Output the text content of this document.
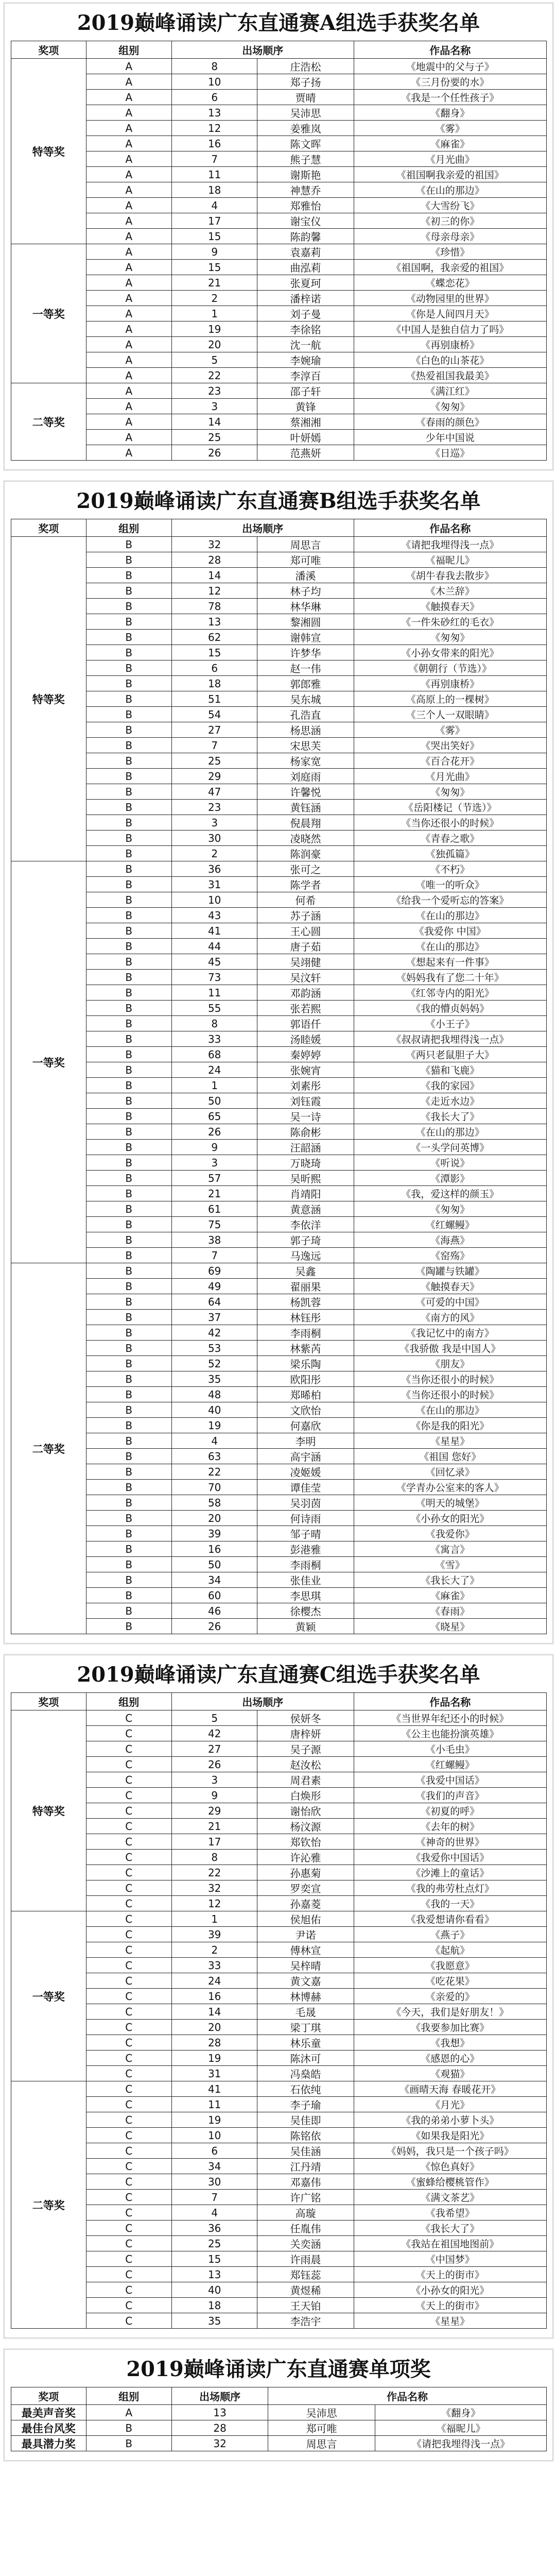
2019巅峰诵读广东直通赛A组选手获奖名单
奖项	组别	出场顺序	作品名称
特等奖
A	8	庄浩松	《地震中的父与子》
A	10	郑子扬	《三月份要的水》
A	6	贾晴	《我是一个任性孩子》
A	13	吴沛思	《翻身》
A	12	姜雅岚	《雾》
A	16	陈文晖	《麻雀》
A	7	熊子慧	《月光曲》
A	11	谢斯艳	《祖国啊我亲爱的祖国》
A	18	神慧乔	《在山的那边》
A	4	郑雅怡	《大雪纷飞》
A	17	谢宝仪	《初三的你》
A	15	陈韵馨	《母亲母亲》
一等奖
A	9	袁嘉莉	《珍惜》
A	15	曲泓莉	《祖国啊，我亲爱的祖国》
A	21	张夏珂	《蝶恋花》
A	2	潘梓诺	《动物园里的世界》
A	1	刘子曼	《你是人间四月天》
A	19	李徐铭	《中国人是独自信力了吗》
A	20	沈一航	《再别康桥》
A	5	李婉瑜	《白色的山茶花》
A	22	李淳百	《热爱祖国我最美》
二等奖
A	23	邵子轩	《满江红》
A	3	黄锋	《匆匆》
A	14	蔡湘湘	《春雨的颜色》
A	25	叶妍嫣	少年中国说
A	26	范燕妍	《日巡》
2019巅峰诵读广东直通赛B组选手获奖名单
奖项	组别	出场顺序	作品名称
特等奖
B	32	周思言	《请把我埋得浅一点》
B	28	郑可唯	《福昵儿》
B	14	潘溪	《胡牛春我去散步》
B	12	林子均	《木兰辞》
B	78	林华琳	《触摸春天》
B	13	黎湘圆	《一件朱砂红的毛衣》
B	62	谢韩宣	《匆匆》
B	15	许梦华	《小孙女带来的阳光》
B	6	赵一伟	《朝朝行（节选）》
B	18	郭郎雅	《再别康桥》
B	51	吴东城	《高原上的一棵树》
B	54	孔浩直	《三个人一双眼睛》
B	27	杨思涵	《雾》
B	7	宋思芙	《哭出笑好》
B	25	杨家宽	《百合花开》
B	29	刘庭雨	《月光曲》
B	47	许馨悦	《匆匆》
B	23	黄钰涵	《岳阳楼记（节选）》
B	3	倪晨翔	《当你还很小的时候》
B	30	凌晓然	《青春之歌》
B	2	陈润豪	《独孤篇》
一等奖
B	36	张可之	《不朽》
B	31	陈学者	《唯一的听众》
B	10	何希	《给我一个爱听忘的答案》
B	43	苏子涵	《在山的那边》
B	41	王心圆	《我爱你 中国》
B	44	唐子茹	《在山的那边》
B	45	吴翊健	《想起来有一件事》
B	73	吴汶轩	《妈妈我有了您二十年》
B	11	邓韵涵	《红邻寺内的阳光》
B	55	张若熙	《我的懵贞妈妈》
B	8	郭语仟	《小王子》
B	33	汤睦媛	《叔叔请把我埋得浅一点》
B	68	秦婷婷	《两只老鼠胆子大》
B	24	张婉宵	《猫和飞鹿》
B	1	刘素彤	《我的家园》
B	50	刘钰霞	《走近水边》
B	65	吴一诗	《我长大了》
B	26	陈俞彬	《在山的那边》
B	9	汪韶涵	《一头学问英博》
B	3	万晓琦	《听说》
B	57	吴昕熙	《潭影》
B	21	肖靖阳	《我，爱这样的颜玉》
B	61	黄意涵	《匆匆》
B	75	李依洋	《红螺鳗》
B	38	郭子琦	《海燕》
B	7	马逸远	《窑殇》
二等奖
B	69	吴鑫	《陶罐与铁罐》
B	49	翟丽果	《触摸春天》
B	64	杨凯蓉	《可爱的中国》
B	37	林钰彤	《南方的风》
B	42	李雨桐	《我记忆中的南方》
B	53	林紫芮	《我骄傲 我是中国人》
B	52	梁乐陶	《朋友》
B	35	欧阳彤	《当你还很小的时候》
B	48	郑晞柏	《当你还很小的时候》
B	40	文欣怡	《在山的那边》
B	19	何嘉欣	《你是我的阳光》
B	4	李明	《星星》
B	63	高宇涵	《祖国 您好》
B	22	凌姬媛	《回忆录》
B	70	谭佳莹	《学青办公室来的客人》
B	58	吴羽茵	《明天的城堡》
B	20	何诗雨	《小孙女的阳光》
B	39	邹子晴	《我爱你》
B	16	彭港雅	《寓言》
B	50	李雨桐	《雪》
B	34	张佳业	《我长大了》
B	60	李思琪	《麻雀》
B	46	徐樱杰	《春雨》
B	26	黄颖	《晓星》
2019巅峰诵读广东直通赛C组选手获奖名单
奖项	组别	出场顺序	作品名称
特等奖
C	5	侯妍冬	《当世界年纪还小的时候》
C	42	唐梓妍	《公主也能扮演英雄》
C	27	吴子源	《小毛虫》
C	26	赵汝松	《红螺鳗》
C	3	周君素	《我爱中国话》
C	9	白焕形	《我们的声音》
C	29	谢怡欣	《初夏的呼》
C	21	杨汶源	《去年的树》
C	17	郑钦怡	《神奇的世界》
C	8	许沁雅	《我爱你中国话》
C	22	孙惠菊	《沙滩上的童话》
C	32	罗奕宣	《我的弗劳杜点灯》
C	12	孙嘉菱	《我的一天》
一等奖
C	1	侯旭佑	《我爱想请你看看》
C	39	尹诺	《燕子》
C	2	傅林宣	《起航》
C	33	吴梓晴	《我愿意》
C	24	黄文嘉	《吃花果》
C	16	林博赫	《亲爱的》
C	14	毛晟	《今天，我们是好朋友！》
C	20	梁丁琪	《我要参加比赛》
C	28	林乐童	《我想》
C	19	陈沐可	《感恩的心》
C	31	冯燊皓	《观猫》
二等奖
C	41	石依纯	《画晴天海 春暖花开》
C	11	李子瑜	《月光》
C	19	吴佳即	《我的弟弟小萝卜头》
C	10	陈铭依	《如果我是阳光》
C	6	吴佳涵	《妈妈，我只是一个孩子吗》
C	34	江丹靖	《惊色真好》
C	30	邓嘉伟	《蜜蜂给樱桃管作》
C	7	许广铭	《满文茶艺》
C	4	高璇	《我希望》
C	36	任胤伟	《我长大了》
C	25	关奕涵	《我站在祖国地图前》
C	15	许雨晨	《中国梦》
C	13	郑钰蕊	《天上的街市》
C	40	黄煜稀	《小孙女的阳光》
C	18	王天铂	《天上的街市》
C	35	李浩宇	《星星》
2019巅峰诵读广东直通赛单项奖
奖项	组别	出场顺序	作品名称
最美声音奖	A	13	吴沛思	《翻身》
最佳台风奖	B	28	郑可唯	《福昵儿》
最具潜力奖	B	32	周思言	《请把我埋得浅一点》
